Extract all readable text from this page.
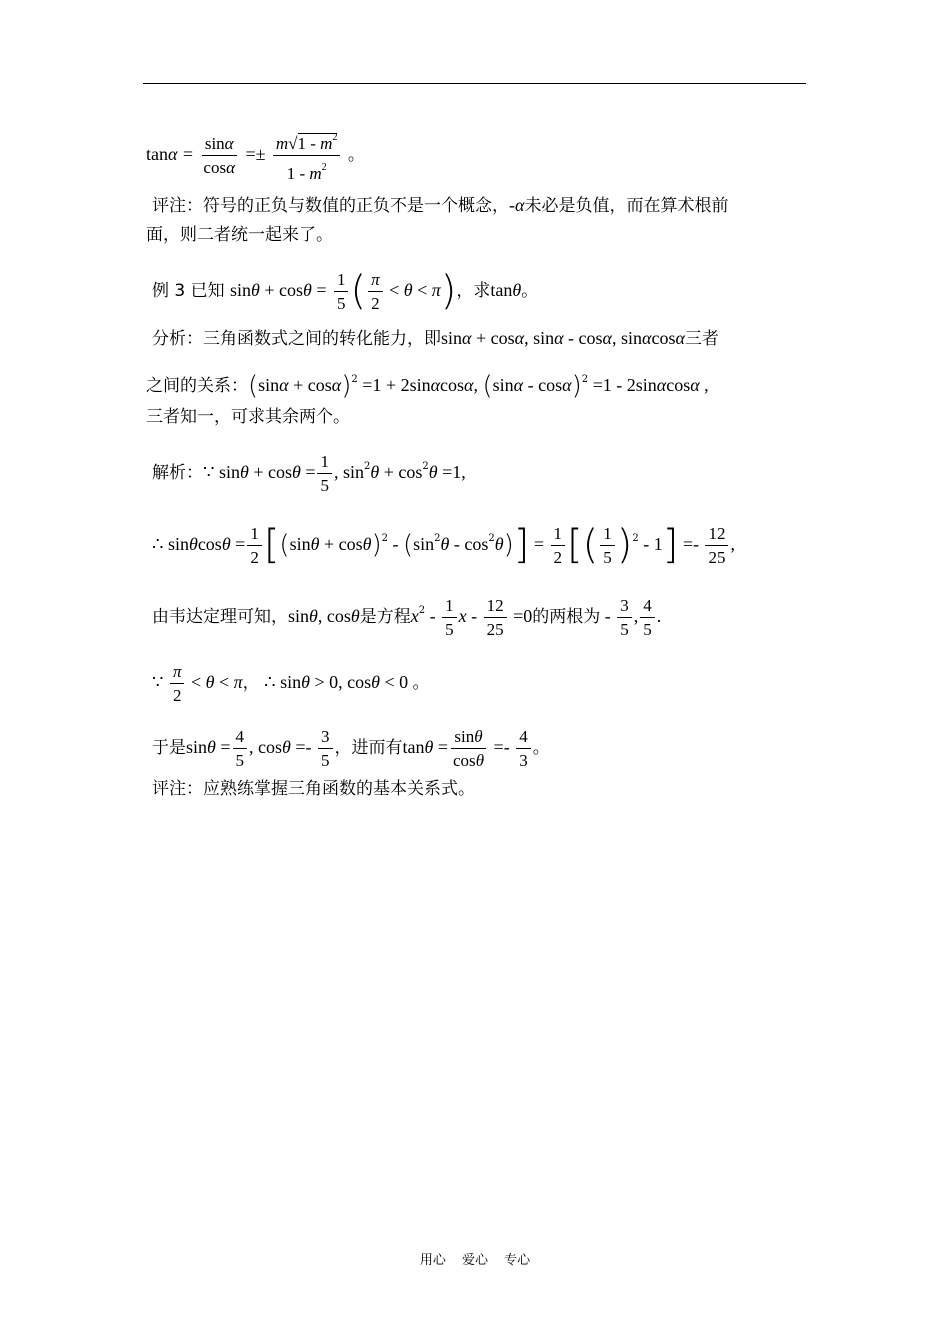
$\tan\alpha = \frac{\sin\alpha}{\cos\alpha} =\pm \frac{m√1 - m^2}{1 - m^2}$ 。
评注：符号的正负与数值的正负不是一个概念，-α未必是负值，而在算术根前
面，则二者统一起来了。
例 3 已知 $\sin\theta + \cos\theta = \frac{1}{5}$ ( $\frac{\pi}{2} < \theta < \pi$)，求tanθ。
分析：三角函数式之间的转化能力，即sinα + cosα, sinα - cosα, sinαcosα三者
之间的关系：$(\sin\alpha + \cos\alpha)^2 =1 + 2\sin\alpha\cos\alpha$, (sinα - cosα)$^2$ =1 - 2sinαcosα ,
三者知一，可求其余两个。
解析：∵ $\sin\theta + \cos\theta = \frac{1}{5}$ , $\sin^2\theta + \cos^2\theta =1$,
∴ $\sin\theta\cos\theta = \frac{1}{2} [(\sin\theta + \cos\theta)^2 - (\sin^2\theta - \cos^2\theta)] = \frac{1}{2}$ [( $\frac{1}{5} )^2 - 1] =- \frac{12}{25}$ ,
由韦达定理可知，sinθ, cosθ是方程$x^2 - \frac{1}{5}$ $x - \frac{12}{25} =0$的两根为 - $\frac{3}{5}$ , $\frac{4}{5}$ .
∵ $\frac{\pi}{2} < \theta < \pi$， ∴ sinθ > 0, cosθ < 0 。
于是$\sin\theta = \frac{4}{5}$ , $\cos\theta =- \frac{3}{5}$ ，进而有$\tan\theta = \frac{\sin\theta}{\cos\theta} =- \frac{4}{3}$ 。
评注：应熟练掌握三角函数的基本关系式。
用心 爱心 专心
